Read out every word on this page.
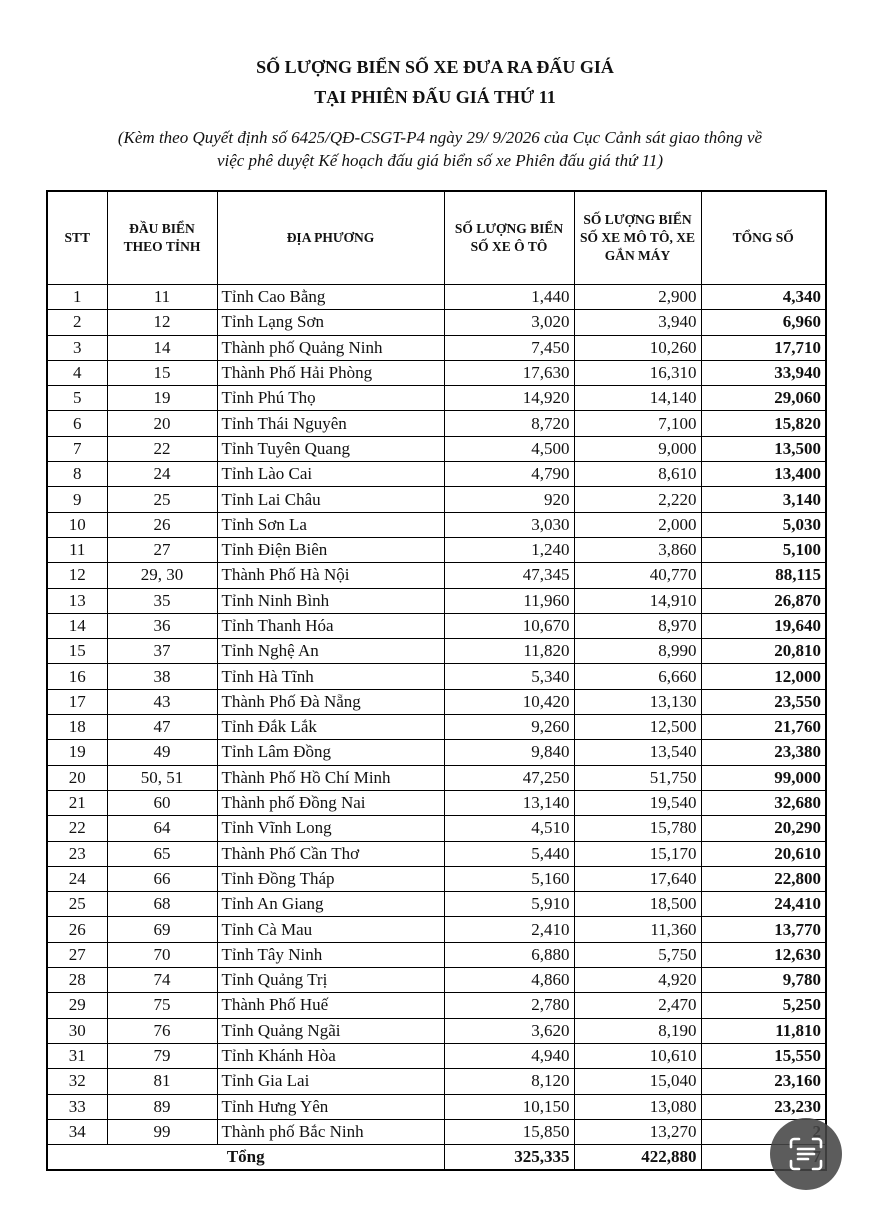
SỐ LƯỢNG BIỂN SỐ XE ĐƯA RA ĐẤU GIÁ
TẠI PHIÊN ĐẤU GIÁ THỨ 11
(Kèm theo Quyết định số 6425/QĐ-CSGT-P4 ngày 29/ 9/2026 của Cục Cảnh sát giao thông về
việc phê duyệt Kế hoạch đấu giá biển số xe Phiên đấu giá thứ 11)
STT	ĐẦU BIỂN THEO TỈNH	ĐỊA PHƯƠNG	SỐ LƯỢNG BIỂN SỐ XE Ô TÔ	SỐ LƯỢNG BIỂN SỐ XE MÔ TÔ, XE GẮN MÁY	TỔNG SỐ
1	11	Tỉnh Cao Bằng	1,440	2,900	4,340
2	12	Tỉnh Lạng Sơn	3,020	3,940	6,960
3	14	Thành phố Quảng Ninh	7,450	10,260	17,710
4	15	Thành Phố Hải Phòng	17,630	16,310	33,940
5	19	Tỉnh Phú Thọ	14,920	14,140	29,060
6	20	Tỉnh Thái Nguyên	8,720	7,100	15,820
7	22	Tỉnh Tuyên Quang	4,500	9,000	13,500
8	24	Tỉnh Lào Cai	4,790	8,610	13,400
9	25	Tỉnh Lai Châu	920	2,220	3,140
10	26	Tỉnh Sơn La	3,030	2,000	5,030
11	27	Tỉnh Điện Biên	1,240	3,860	5,100
12	29, 30	Thành Phố Hà Nội	47,345	40,770	88,115
13	35	Tỉnh Ninh Bình	11,960	14,910	26,870
14	36	Tỉnh Thanh Hóa	10,670	8,970	19,640
15	37	Tỉnh Nghệ An	11,820	8,990	20,810
16	38	Tỉnh Hà Tĩnh	5,340	6,660	12,000
17	43	Thành Phố Đà Nẵng	10,420	13,130	23,550
18	47	Tỉnh Đắk Lắk	9,260	12,500	21,760
19	49	Tỉnh Lâm Đồng	9,840	13,540	23,380
20	50, 51	Thành Phố Hồ Chí Minh	47,250	51,750	99,000
21	60	Thành phố Đồng Nai	13,140	19,540	32,680
22	64	Tỉnh Vĩnh Long	4,510	15,780	20,290
23	65	Thành Phố Cần Thơ	5,440	15,170	20,610
24	66	Tỉnh Đồng Tháp	5,160	17,640	22,800
25	68	Tỉnh An Giang	5,910	18,500	24,410
26	69	Tỉnh Cà Mau	2,410	11,360	13,770
27	70	Tỉnh Tây Ninh	6,880	5,750	12,630
28	74	Tỉnh Quảng Trị	4,860	4,920	9,780
29	75	Thành Phố Huế	2,780	2,470	5,250
30	76	Tỉnh Quảng Ngãi	3,620	8,190	11,810
31	79	Tỉnh Khánh Hòa	4,940	10,610	15,550
32	81	Tỉnh Gia Lai	8,120	15,040	23,160
33	89	Tỉnh Hưng Yên	10,150	13,080	23,230
34	99	Thành phố Bắc Ninh	15,850	13,270	
Tổng			325,335	422,880	
